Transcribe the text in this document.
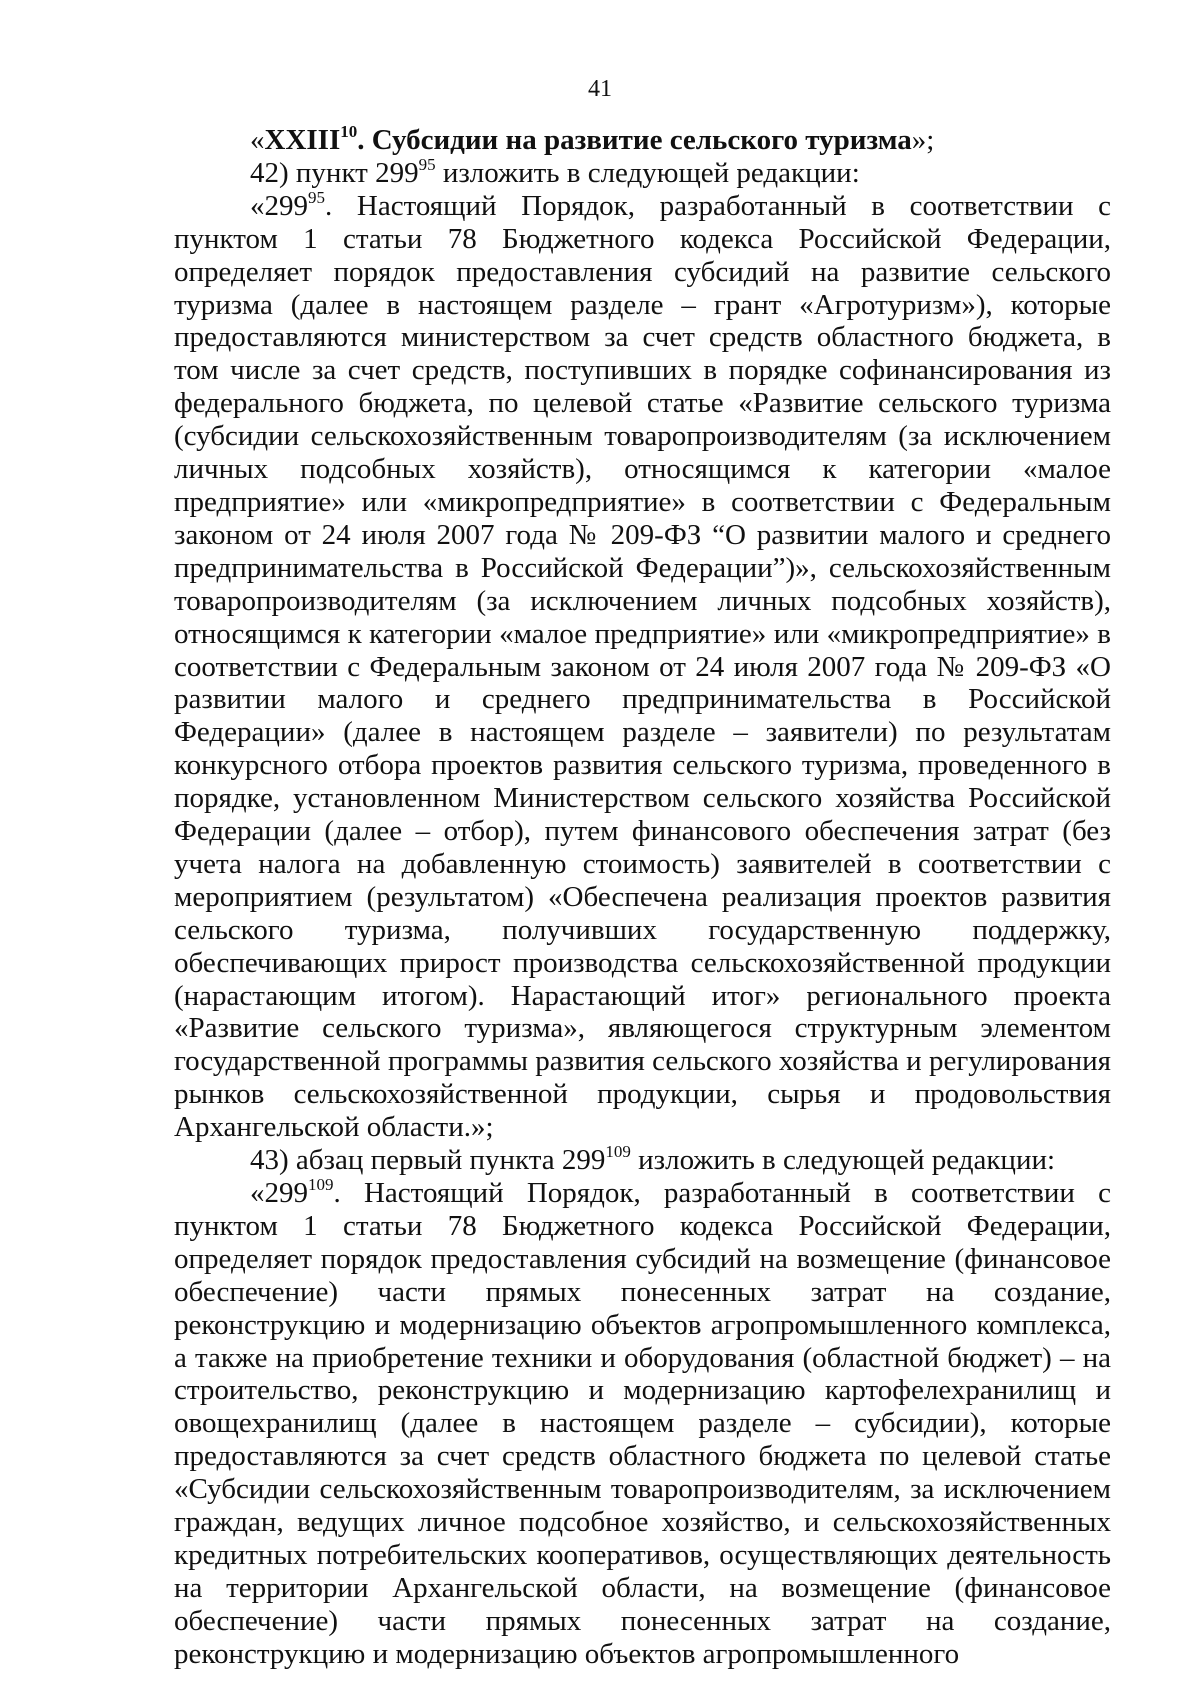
41

«XXIII$^{10}$. Субсидии на развитие сельского туризма»;

42) пункт $299^{95}$ изложить в следующей редакции:

«$299^{95}$. Настоящий Порядок, разработанный в соответствии с пунктом 1 статьи 78 Бюджетного кодекса Российской Федерации, определяет порядок предоставления субсидий на развитие сельского туризма (далее в настоящем разделе – грант «Агротуризм»), которые предоставляются министерством за счет средств областного бюджета, в том числе за счет средств, поступивших в порядке софинансирования из федерального бюджета, по целевой статье «Развитие сельского туризма (субсидии сельскохозяйственным товаропроизводителям (за исключением личных подсобных хозяйств), относящимся к категории «малое предприятие» или «микропредприятие» в соответствии с Федеральным законом от 24 июля 2007 года № 209-ФЗ “О развитии малого и среднего предпринимательства в Российской Федерации”)», сельскохозяйственным товаропроизводителям (за исключением личных подсобных хозяйств), относящимся к категории «малое предприятие» или «микропредприятие» в соответствии с Федеральным законом от 24 июля 2007 года № 209-ФЗ «О развитии малого и среднего предпринимательства в Российской Федерации» (далее в настоящем разделе – заявители) по результатам конкурсного отбора проектов развития сельского туризма, проведенного в порядке, установленном Министерством сельского хозяйства Российской Федерации (далее – отбор), путем финансового обеспечения затрат (без учета налога на добавленную стоимость) заявителей в соответствии с мероприятием (результатом) «Обеспечена реализация проектов развития сельского туризма, получивших государственную поддержку, обеспечивающих прирост производства сельскохозяйственной продукции (нарастающим итогом). Нарастающий итог» регионального проекта «Развитие сельского туризма», являющегося структурным элементом государственной программы развития сельского хозяйства и регулирования рынков сельскохозяйственной продукции, сырья и продовольствия Архангельской области.»;

43) абзац первый пункта $299^{109}$ изложить в следующей редакции:

«$299^{109}$. Настоящий Порядок, разработанный в соответствии с пунктом 1 статьи 78 Бюджетного кодекса Российской Федерации, определяет порядок предоставления субсидий на возмещение (финансовое обеспечение) части прямых понесенных затрат на создание, реконструкцию и модернизацию объектов агропромышленного комплекса, а также на приобретение техники и оборудования (областной бюджет) – на строительство, реконструкцию и модернизацию картофелехранилищ и овощехранилищ (далее в настоящем разделе – субсидии), которые предоставляются за счет средств областного бюджета по целевой статье «Субсидии сельскохозяйственным товаропроизводителям, за исключением граждан, ведущих личное подсобное хозяйство, и сельскохозяйственных кредитных потребительских кооперативов, осуществляющих деятельность на территории Архангельской области, на возмещение (финансовое обеспечение) части прямых понесенных затрат на создание, реконструкцию и модернизацию объектов агропромышленного
